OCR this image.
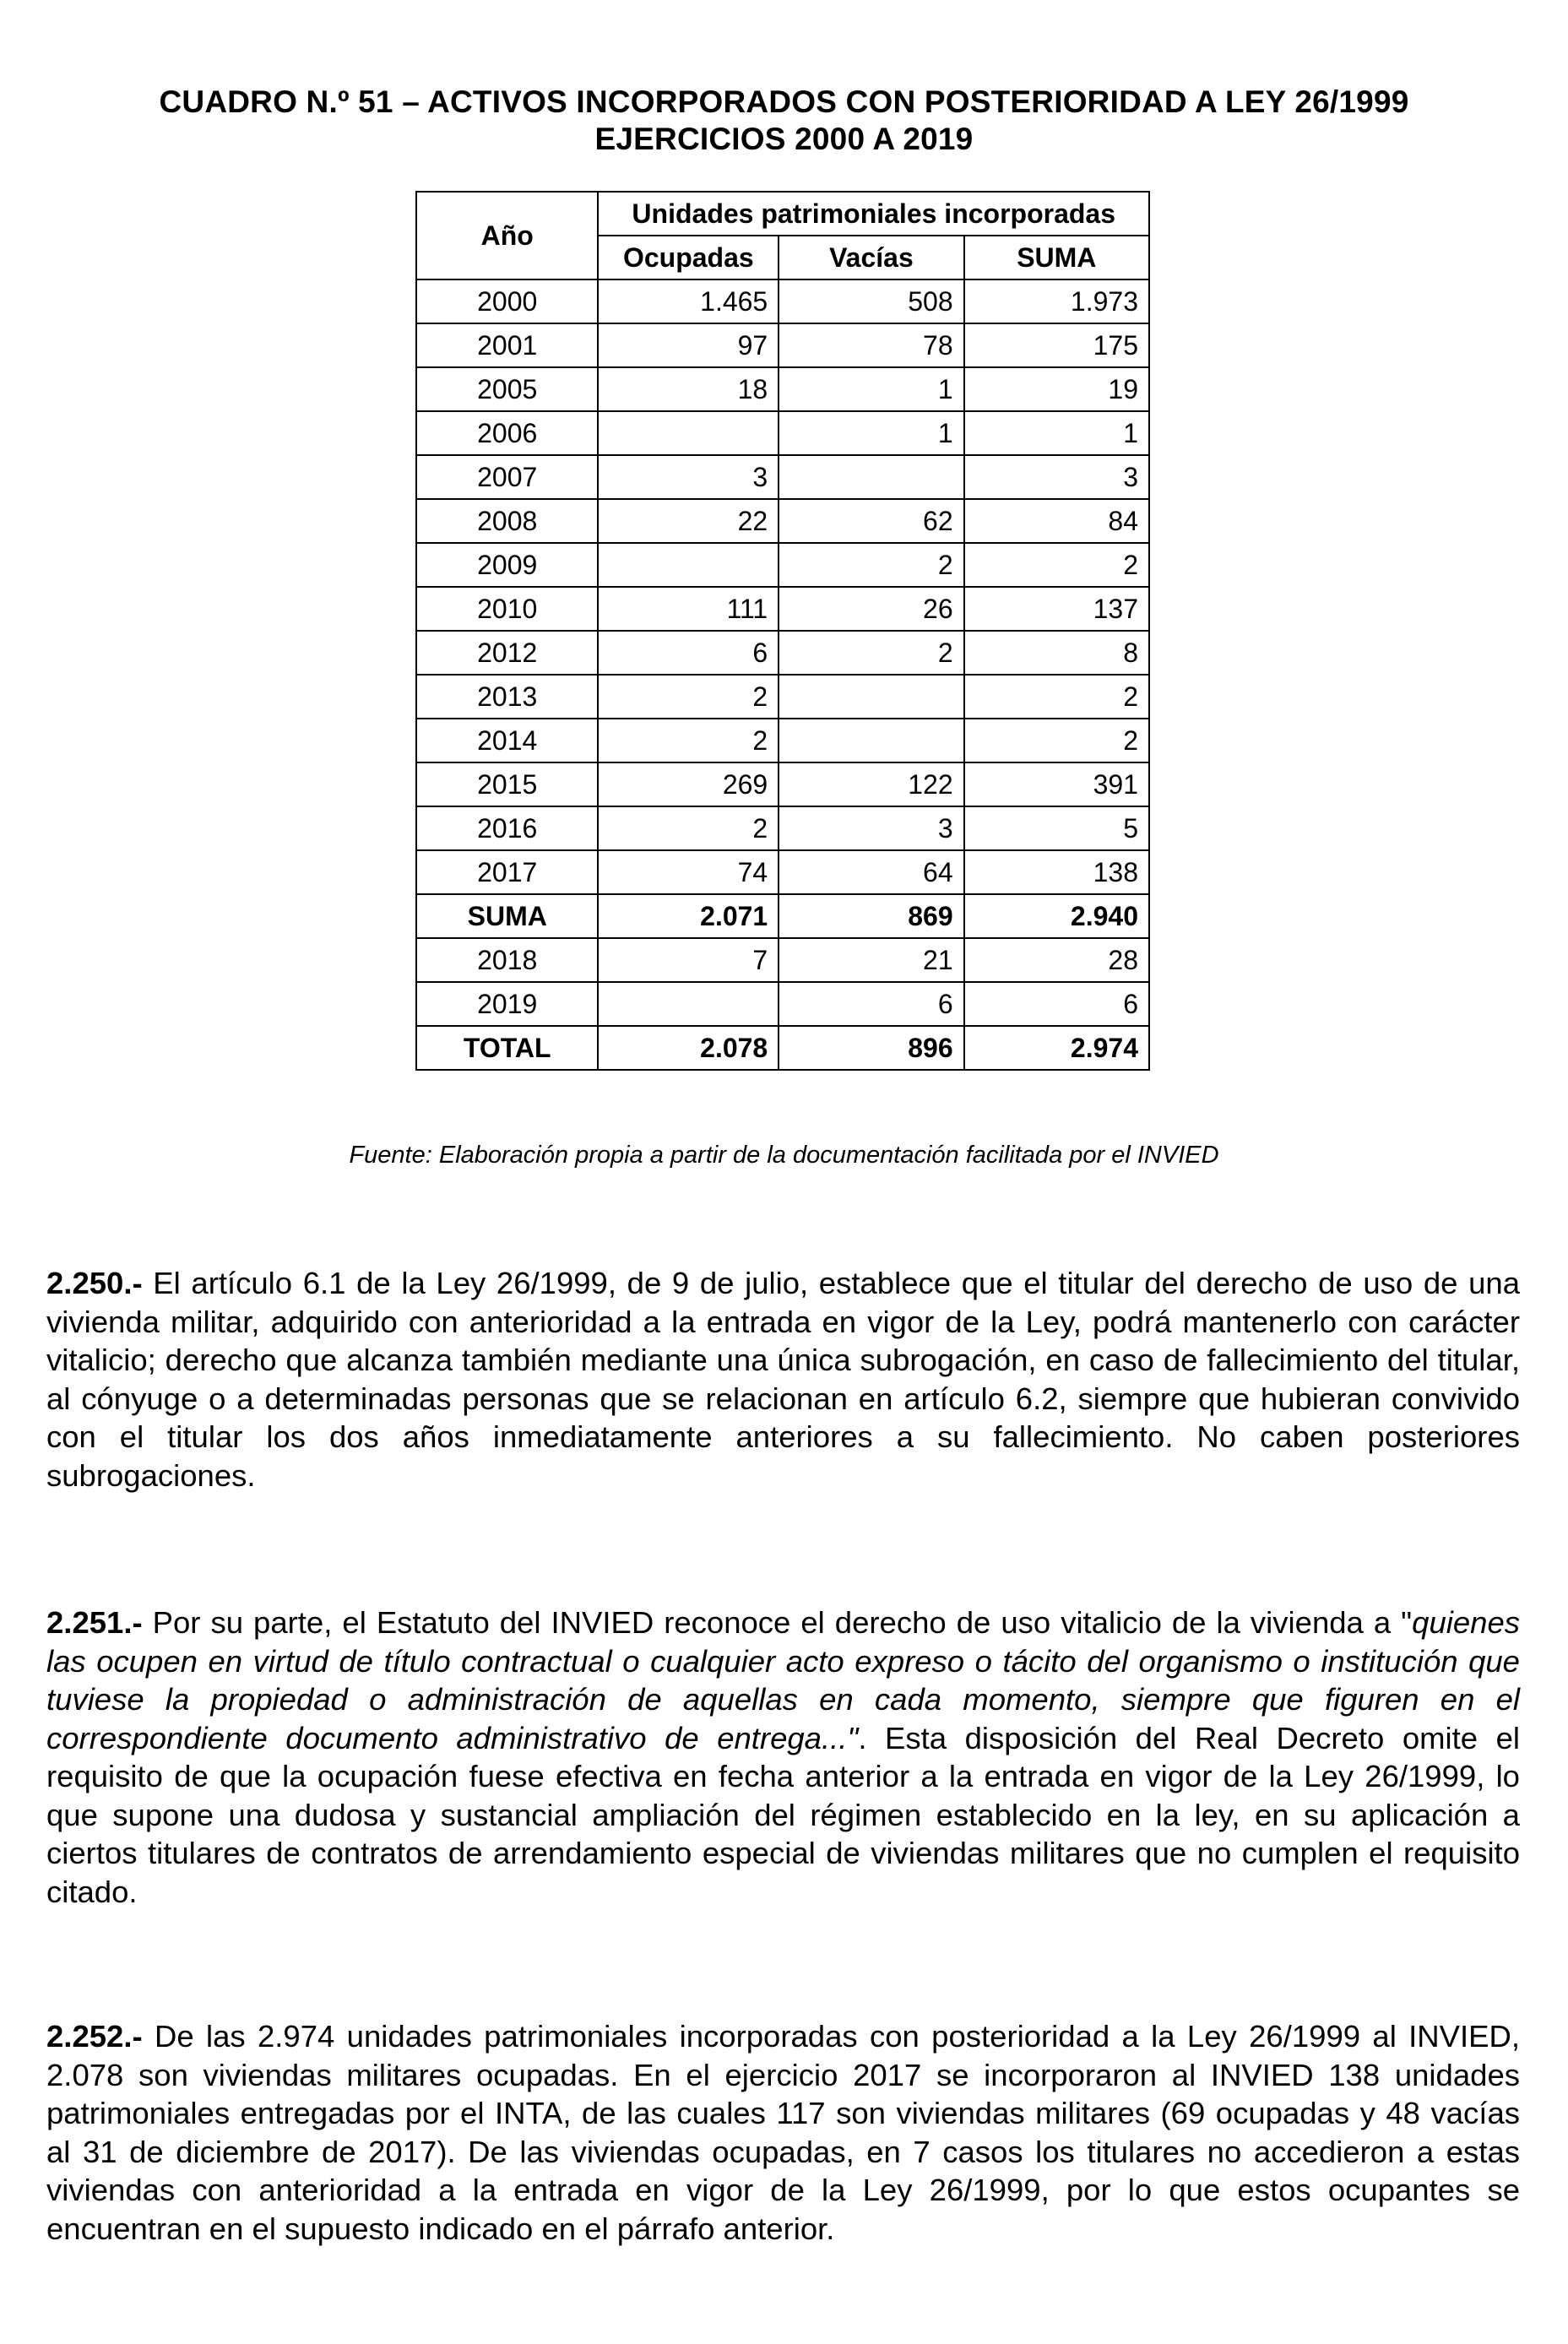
CUADRO N.º 51 – ACTIVOS INCORPORADOS CON POSTERIORIDAD A LEY 26/1999
EJERCICIOS 2000 A 2019
Año	Unidades patrimoniales incorporadas		
	Ocupadas	Vacías	SUMA
2000	1.465	508	1.973
2001	97	78	175
2005	18	1	19
2006		1	1
2007	3		3
2008	22	62	84
2009		2	2
2010	111	26	137
2012	6	2	8
2013	2		2
2014	2		2
2015	269	122	391
2016	2	3	5
2017	74	64	138
SUMA	2.071	869	2.940
2018	7	21	28
2019		6	6
TOTAL	2.078	896	2.974
Fuente: Elaboración propia a partir de la documentación facilitada por el INVIED
2.250.- El artículo 6.1 de la Ley 26/1999, de 9 de julio, establece que el titular del derecho de uso de una vivienda militar, adquirido con anterioridad a la entrada en vigor de la Ley, podrá mantenerlo con carácter vitalicio; derecho que alcanza también mediante una única subrogación, en caso de fallecimiento del titular, al cónyuge o a determinadas personas que se relacionan en artículo 6.2, siempre que hubieran convivido con el titular los dos años inmediatamente anteriores a su fallecimiento. No caben posteriores subrogaciones.
2.251.- Por su parte, el Estatuto del INVIED reconoce el derecho de uso vitalicio de la vivienda a "quienes las ocupen en virtud de título contractual o cualquier acto expreso o tácito del organismo o institución que tuviese la propiedad o administración de aquellas en cada momento, siempre que figuren en el correspondiente documento administrativo de entrega...". Esta disposición del Real Decreto omite el requisito de que la ocupación fuese efectiva en fecha anterior a la entrada en vigor de la Ley 26/1999, lo que supone una dudosa y sustancial ampliación del régimen establecido en la ley, en su aplicación a ciertos titulares de contratos de arrendamiento especial de viviendas militares que no cumplen el requisito citado.
2.252.- De las 2.974 unidades patrimoniales incorporadas con posterioridad a la Ley 26/1999 al INVIED, 2.078 son viviendas militares ocupadas. En el ejercicio 2017 se incorporaron al INVIED 138 unidades patrimoniales entregadas por el INTA, de las cuales 117 son viviendas militares (69 ocupadas y 48 vacías al 31 de diciembre de 2017). De las viviendas ocupadas, en 7 casos los titulares no accedieron a estas viviendas con anterioridad a la entrada en vigor de la Ley 26/1999, por lo que estos ocupantes se encuentran en el supuesto indicado en el párrafo anterior.
